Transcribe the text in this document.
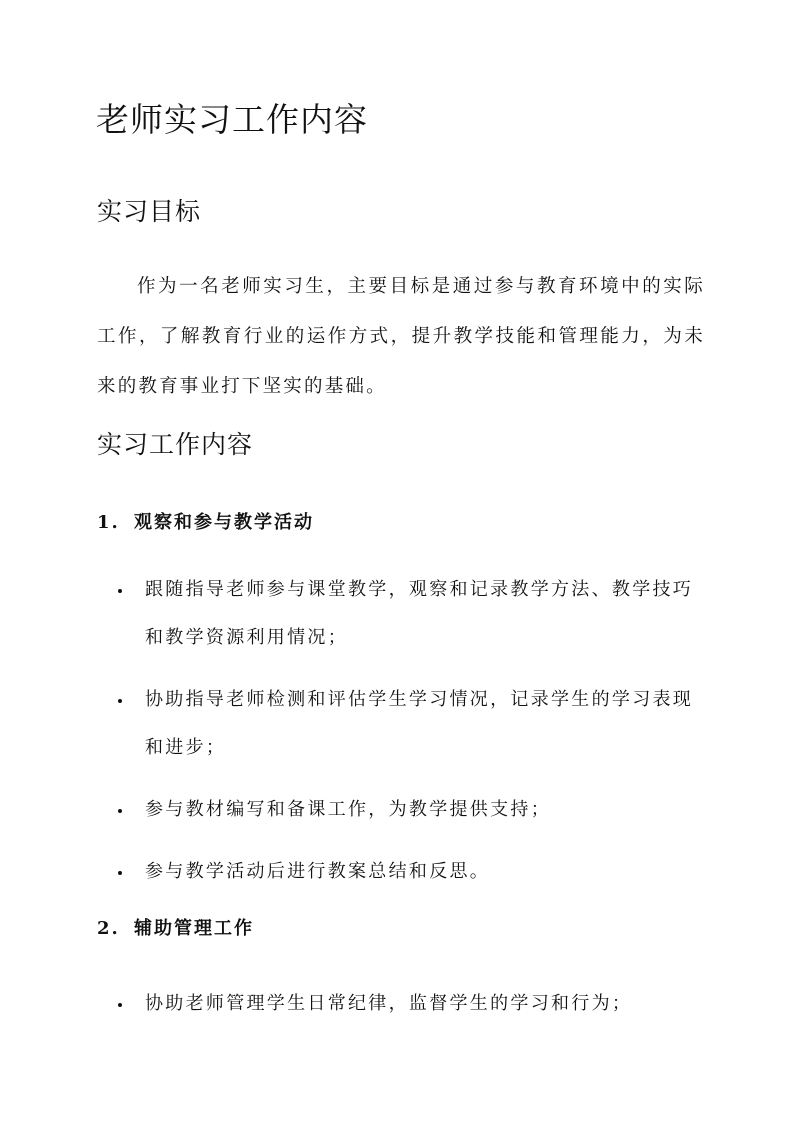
老师实习工作内容
实习目标

作为一名老师实习生，主要目标是通过参与教育环境中的实际工作，了解教育行业的运作方式，提升教学技能和管理能力，为未来的教育事业打下坚实的基础。

实习工作内容
1. 观察和参与教学活动
跟随指导老师参与课堂教学，观察和记录教学方法、教学技巧和教学资源利用情况；
协助指导老师检测和评估学生学习情况，记录学生的学习表现和进步；
参与教材编写和备课工作，为教学提供支持；
参与教学活动后进行教案总结和反思。
2. 辅助管理工作
协助老师管理学生日常纪律，监督学生的学习和行为；
